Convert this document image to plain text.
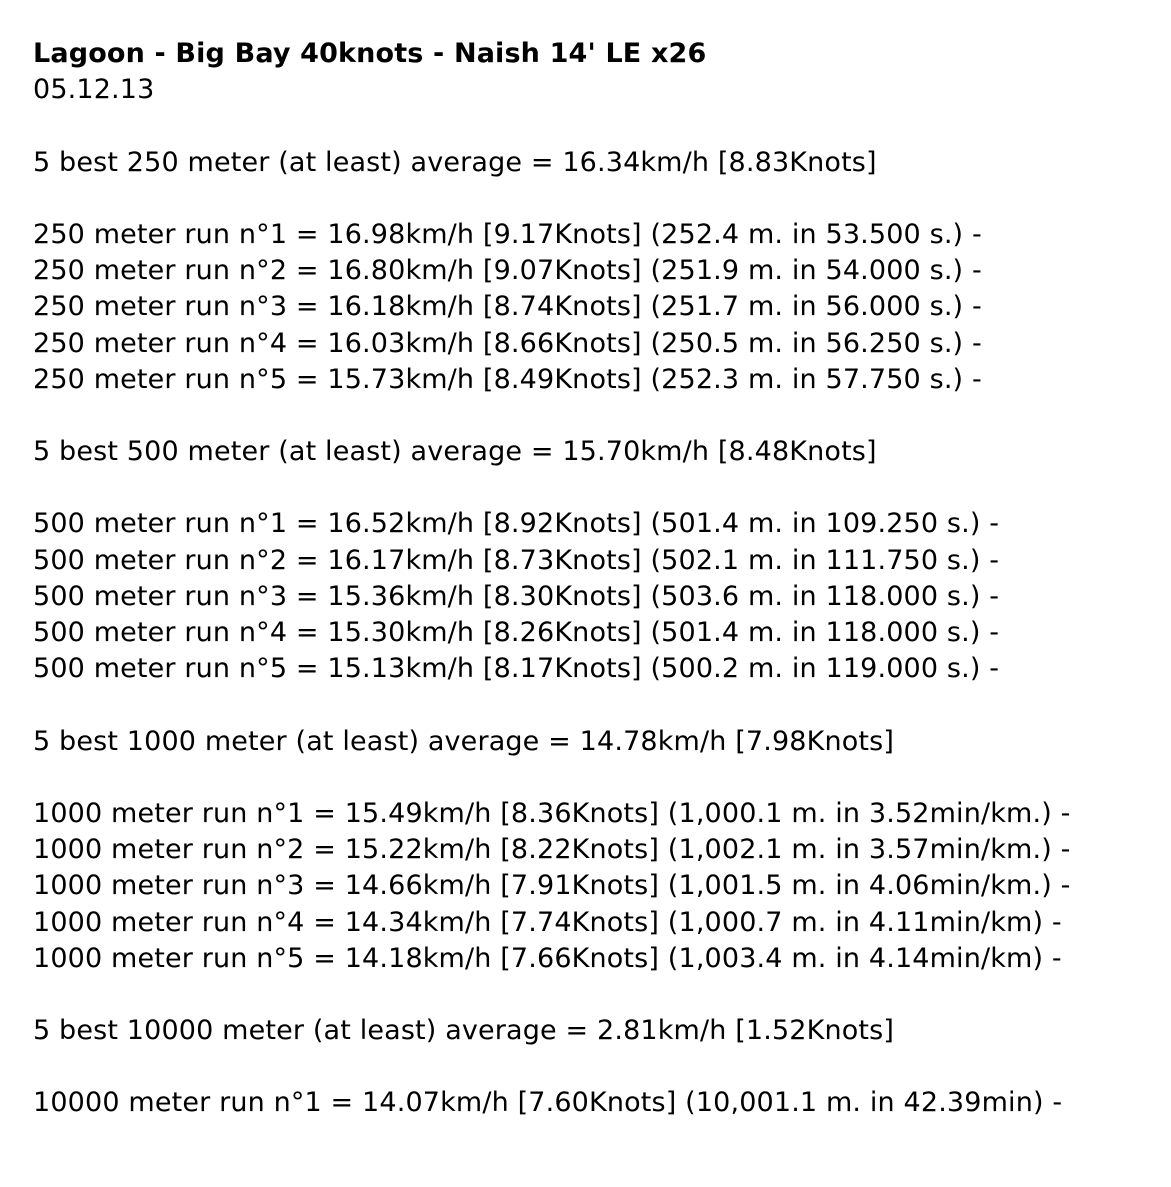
Lagoon - Big Bay 40knots - Naish 14' LE x26
05.12.13
5 best 250 meter (at least) average = 16.34km/h [8.83Knots]
250 meter run n°1 = 16.98km/h [9.17Knots] (252.4 m. in 53.500 s.) -
250 meter run n°2 = 16.80km/h [9.07Knots] (251.9 m. in 54.000 s.) -
250 meter run n°3 = 16.18km/h [8.74Knots] (251.7 m. in 56.000 s.) -
250 meter run n°4 = 16.03km/h [8.66Knots] (250.5 m. in 56.250 s.) -
250 meter run n°5 = 15.73km/h [8.49Knots] (252.3 m. in 57.750 s.) -
5 best 500 meter (at least) average = 15.70km/h [8.48Knots]
500 meter run n°1 = 16.52km/h [8.92Knots] (501.4 m. in 109.250 s.) -
500 meter run n°2 = 16.17km/h [8.73Knots] (502.1 m. in 111.750 s.) -
500 meter run n°3 = 15.36km/h [8.30Knots] (503.6 m. in 118.000 s.) -
500 meter run n°4 = 15.30km/h [8.26Knots] (501.4 m. in 118.000 s.) -
500 meter run n°5 = 15.13km/h [8.17Knots] (500.2 m. in 119.000 s.) -
5 best 1000 meter (at least) average = 14.78km/h [7.98Knots]
1000 meter run n°1 = 15.49km/h [8.36Knots] (1,000.1 m. in 3.52min/km.) -
1000 meter run n°2 = 15.22km/h [8.22Knots] (1,002.1 m. in 3.57min/km.) -
1000 meter run n°3 = 14.66km/h [7.91Knots] (1,001.5 m. in 4.06min/km.) -
1000 meter run n°4 = 14.34km/h [7.74Knots] (1,000.7 m. in 4.11min/km) -
1000 meter run n°5 = 14.18km/h [7.66Knots] (1,003.4 m. in 4.14min/km) -
5 best 10000 meter (at least) average = 2.81km/h [1.52Knots]
10000 meter run n°1 = 14.07km/h [7.60Knots] (10,001.1 m. in 42.39min) -
